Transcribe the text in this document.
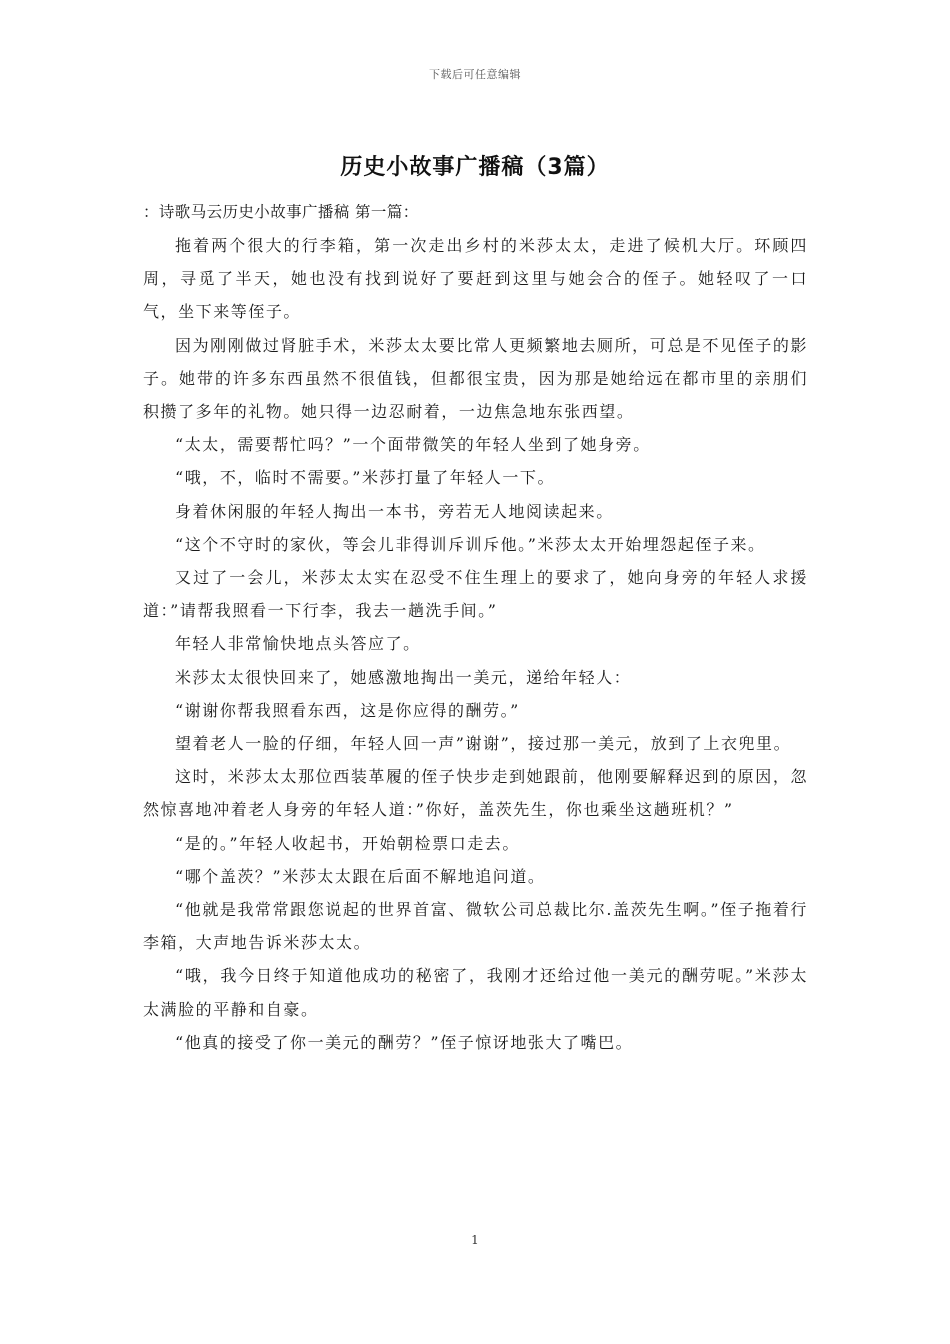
下载后可任意编辑
历史小故事广播稿（3篇）
：诗歌马云历史小故事广播稿 第一篇：

拖着两个很大的行李箱，第一次走出乡村的米莎太太，走进了候机大厅。环顾四周，寻觅了半天，她也没有找到说好了要赶到这里与她会合的侄子。她轻叹了一口气，坐下来等侄子。

因为刚刚做过肾脏手术，米莎太太要比常人更频繁地去厕所，可总是不见侄子的影子。她带的许多东西虽然不很值钱，但都很宝贵，因为那是她给远在都市里的亲朋们积攒了多年的礼物。她只得一边忍耐着，一边焦急地东张西望。

“太太，需要帮忙吗？”一个面带微笑的年轻人坐到了她身旁。

“哦，不，临时不需要。”米莎打量了年轻人一下。

身着休闲服的年轻人掏出一本书，旁若无人地阅读起来。

“这个不守时的家伙，等会儿非得训斥训斥他。”米莎太太开始埋怨起侄子来。

又过了一会儿，米莎太太实在忍受不住生理上的要求了，她向身旁的年轻人求援道：”请帮我照看一下行李，我去一趟洗手间。”

年轻人非常愉快地点头答应了。

米莎太太很快回来了，她感激地掏出一美元，递给年轻人：

“谢谢你帮我照看东西，这是你应得的酬劳。”

望着老人一脸的仔细，年轻人回一声”谢谢”，接过那一美元，放到了上衣兜里。

这时，米莎太太那位西装革履的侄子快步走到她跟前，他刚要解释迟到的原因，忽然惊喜地冲着老人身旁的年轻人道：”你好，盖茨先生，你也乘坐这趟班机？”

“是的。”年轻人收起书，开始朝检票口走去。

“哪个盖茨？”米莎太太跟在后面不解地追问道。

“他就是我常常跟您说起的世界首富、微软公司总裁比尔.盖茨先生啊。”侄子拖着行李箱，大声地告诉米莎太太。

“哦，我今日终于知道他成功的秘密了，我刚才还给过他一美元的酬劳呢。”米莎太太满脸的平静和自豪。

“他真的接受了你一美元的酬劳？”侄子惊讶地张大了嘴巴。

1
